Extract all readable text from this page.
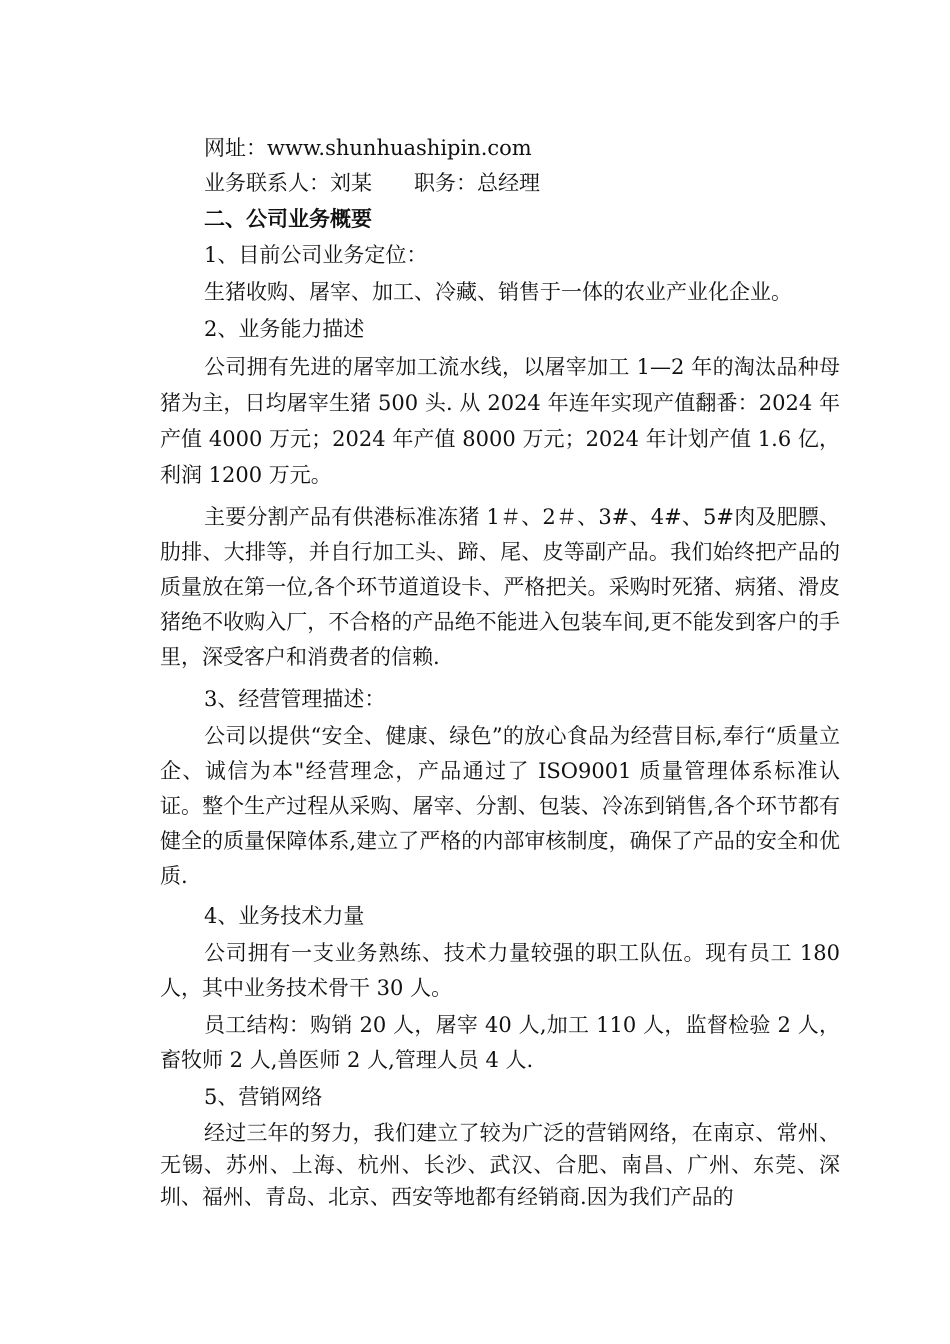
网址：www.shunhuashipin.com
业务联系人：刘某　　职务：总经理
二、公司业务概要
1、目前公司业务定位：
生猪收购、屠宰、加工、冷藏、销售于一体的农业产业化企业。
2、业务能力描述
公司拥有先进的屠宰加工流水线，以屠宰加工 1—2 年的淘汰品种母猪为主，日均屠宰生猪 500 头. 从 2024 年连年实现产值翻番：2024 年产值 4000 万元；2024 年产值 8000 万元；2024 年计划产值 1.6 亿，利润 1200 万元。
主要分割产品有供港标准冻猪 1＃、2＃、3#、4#、5#肉及肥膘、肋排、大排等，并自行加工头、蹄、尾、皮等副产品。我们始终把产品的质量放在第一位,各个环节道道设卡、严格把关。采购时死猪、病猪、滑皮猪绝不收购入厂，不合格的产品绝不能进入包装车间,更不能发到客户的手里，深受客户和消费者的信赖.
3、经营管理描述：
公司以提供“安全、健康、绿色”的放心食品为经营目标,奉行“质量立企、诚信为本"经营理念，产品通过了 ISO9001 质量管理体系标准认证。整个生产过程从采购、屠宰、分割、包装、冷冻到销售,各个环节都有健全的质量保障体系,建立了严格的内部审核制度，确保了产品的安全和优质.
4、业务技术力量
公司拥有一支业务熟练、技术力量较强的职工队伍。现有员工 180　　人，其中业务技术骨干 30 人。
员工结构：购销 20 人，屠宰 40 人,加工 110 人，监督检验 2 人，畜牧师 2 人,兽医师 2 人,管理人员 4 人.
5、营销网络
经过三年的努力，我们建立了较为广泛的营销网络，在南京、常州、无锡、苏州、上海、杭州、长沙、武汉、合肥、南昌、广州、东莞、深圳、福州、青岛、北京、西安等地都有经销商.因为我们产品的
